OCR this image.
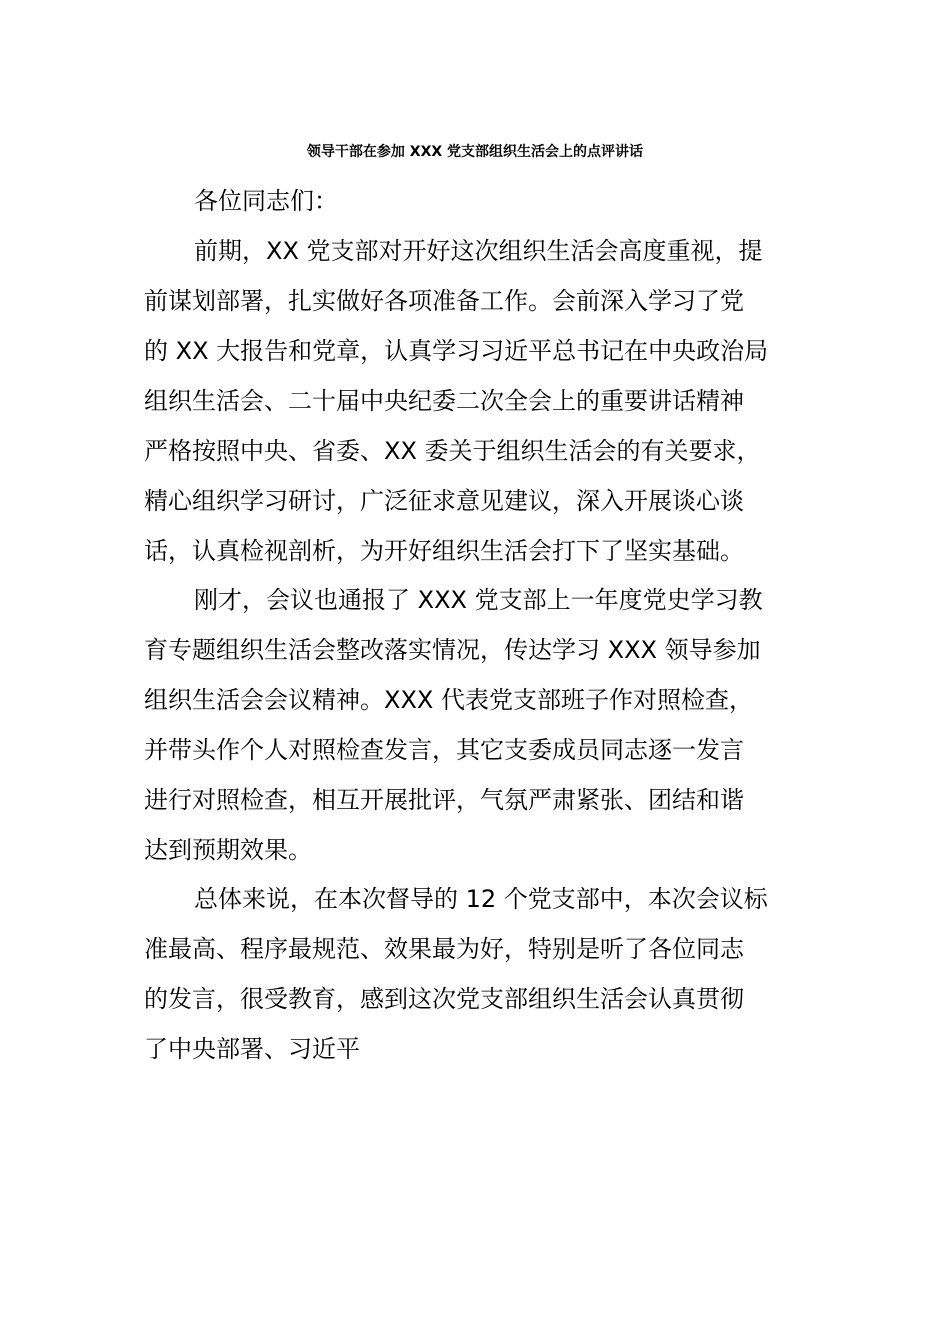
领导干部在参加 XXX 党支部组织生活会上的点评讲话
各位同志们：
前期，XX 党支部对开好这次组织生活会高度重视，提
前谋划部署，扎实做好各项准备工作。会前深入学习了党
的 XX 大报告和党章，认真学习习近平总书记在中央政治局
组织生活会、二十届中央纪委二次全会上的重要讲话精神
严格按照中央、省委、XX 委关于组织生活会的有关要求，
精心组织学习研讨，广泛征求意见建议，深入开展谈心谈
话，认真检视剖析，为开好组织生活会打下了坚实基础。
刚才，会议也通报了 XXX 党支部上一年度党史学习教
育专题组织生活会整改落实情况，传达学习 XXX 领导参加
组织生活会会议精神。XXX 代表党支部班子作对照检查，
并带头作个人对照检查发言，其它支委成员同志逐一发言
进行对照检查，相互开展批评，气氛严肃紧张、团结和谐
达到预期效果。
总体来说，在本次督导的 12 个党支部中，本次会议标
准最高、程序最规范、效果最为好，特别是听了各位同志
的发言，很受教育，感到这次党支部组织生活会认真贯彻
了中央部署、习近平
